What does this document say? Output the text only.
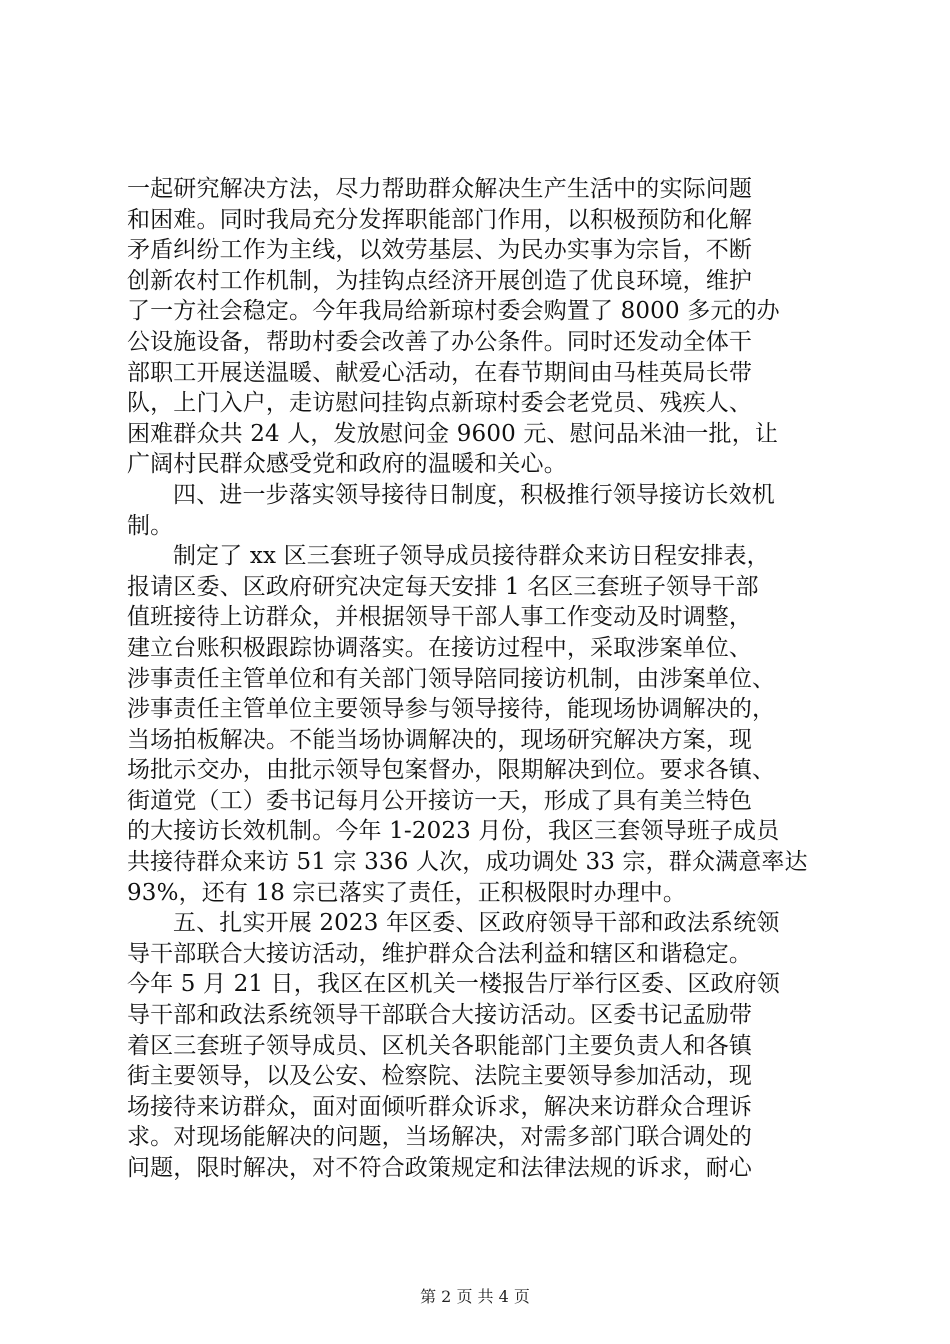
一起研究解决方法，尽力帮助群众解决生产生活中的实际问题
和困难。同时我局充分发挥职能部门作用，以积极预防和化解
矛盾纠纷工作为主线，以效劳基层、为民办实事为宗旨，不断
创新农村工作机制，为挂钩点经济开展创造了优良环境，维护
了一方社会稳定。今年我局给新琼村委会购置了 8000 多元的办
公设施设备，帮助村委会改善了办公条件。同时还发动全体干
部职工开展送温暖、献爱心活动，在春节期间由马桂英局长带
队，上门入户，走访慰问挂钩点新琼村委会老党员、残疾人、
困难群众共 24 人，发放慰问金 9600 元、慰问品米油一批，让
广阔村民群众感受党和政府的温暖和关心。
四、进一步落实领导接待日制度，积极推行领导接访长效机
制。
制定了 xx 区三套班子领导成员接待群众来访日程安排表，
报请区委、区政府研究决定每天安排 1 名区三套班子领导干部
值班接待上访群众，并根据领导干部人事工作变动及时调整，
建立台账积极跟踪协调落实。在接访过程中，采取涉案单位、
涉事责任主管单位和有关部门领导陪同接访机制，由涉案单位、
涉事责任主管单位主要领导参与领导接待，能现场协调解决的，
当场拍板解决。不能当场协调解决的，现场研究解决方案，现
场批示交办，由批示领导包案督办，限期解决到位。要求各镇、
街道党（工）委书记每月公开接访一天，形成了具有美兰特色
的大接访长效机制。今年 1-2023 月份，我区三套领导班子成员
共接待群众来访 51 宗 336 人次，成功调处 33 宗，群众满意率达
93%，还有 18 宗已落实了责任，正积极限时办理中。
五、扎实开展 2023 年区委、区政府领导干部和政法系统领
导干部联合大接访活动，维护群众合法利益和辖区和谐稳定。
今年 5 月 21 日，我区在区机关一楼报告厅举行区委、区政府领
导干部和政法系统领导干部联合大接访活动。区委书记孟励带
着区三套班子领导成员、区机关各职能部门主要负责人和各镇
街主要领导，以及公安、检察院、法院主要领导参加活动，现
场接待来访群众，面对面倾听群众诉求，解决来访群众合理诉
求。对现场能解决的问题，当场解决，对需多部门联合调处的
问题，限时解决，对不符合政策规定和法律法规的诉求，耐心
第 2 页 共 4 页
